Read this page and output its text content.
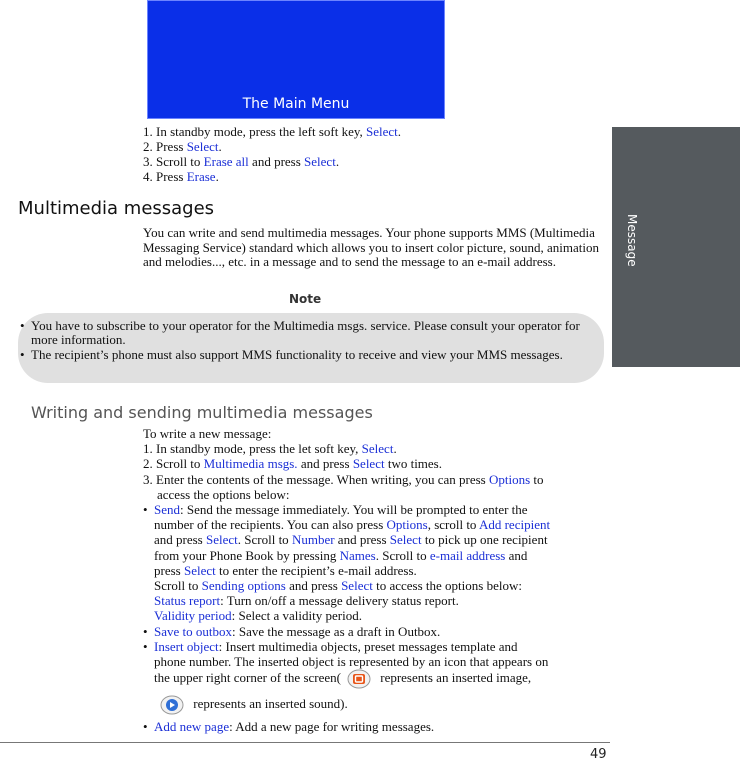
The Main Menu
Message
1. In standby mode, press the left soft key, Select.
2. Press Select.
3. Scroll to Erase all and press Select.
4. Press Erase.
Multimedia messages
You can write and send multimedia messages. Your phone supports MMS (Multimedia Messaging Service) standard which allows you to insert color picture, sound, animation and melodies..., etc. in a message and to send the message to an e-mail address.
Note
• You have to subscribe to your operator for the Multimedia msgs. service. Please consult your operator for more information.
• The recipient’s phone must also support MMS functionality to receive and view your MMS messages.
Writing and sending multimedia messages
To write a new message:
1. In standby mode, press the let soft key, Select.
2. Scroll to Multimedia msgs. and press Select two times.
3. Enter the contents of the message. When writing, you can press Options to
access the options below:
• Send: Send the message immediately. You will be prompted to enter the
number of the recipients. You can also press Options, scroll to Add recipient
and press Select. Scroll to Number and press Select to pick up one recipient
from your Phone Book by pressing Names. Scroll to e-mail address and
press Select to enter the recipient’s e-mail address.
Scroll to Sending options and press Select to access the options below:
Status report: Turn on/off a message delivery status report.
Validity period: Select a validity period.
• Save to outbox: Save the message as a draft in Outbox.
• Insert object: Insert multimedia objects, preset messages template and
phone number. The inserted object is represented by an icon that appears on
the upper right corner of the screen(	represents an inserted image,
represents an inserted sound).
• Add new page: Add a new page for writing messages.
49
